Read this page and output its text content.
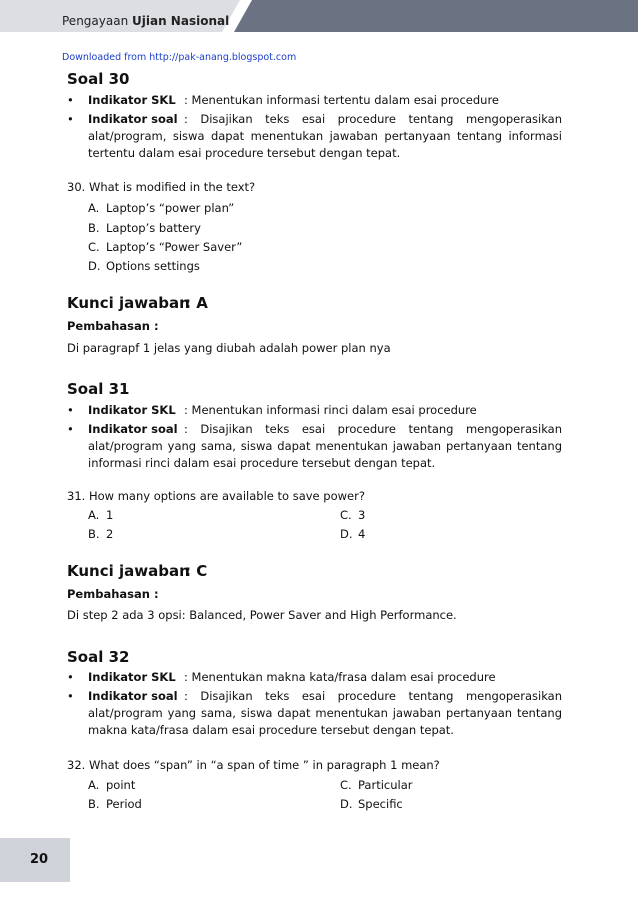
Pengayaan Ujian Nasional
Downloaded from http://pak-anang.blogspot.com
Soal 30
• Indikator SKL : Menentukan informasi tertentu dalam esai procedure
• Indikator soal : Disajikan teks esai procedure tentang mengoperasikan alat/program, siswa dapat menentukan jawaban pertanyaan tentang informasi tertentu dalam esai procedure tersebut dengan tepat.
30. What is modified in the text?
A. Laptop’s “power plan”
B. Laptop’s battery
C. Laptop’s “Power Saver”
D. Options settings
Kunci jawaban
: A
Pembahasan :
Di paragrapf 1 jelas yang diubah adalah power plan nya
Soal 31
• Indikator SKL : Menentukan informasi rinci dalam esai procedure
• Indikator soal : Disajikan teks esai procedure tentang mengoperasikan alat/program yang sama, siswa dapat menentukan jawaban pertanyaan tentang informasi rinci dalam esai procedure tersebut dengan tepat.
31. How many options are available to save power?
A. 1
B. 2
C. 3
D. 4
Kunci jawaban
: C
Pembahasan :
Di step 2 ada 3 opsi: Balanced, Power Saver and High Performance.
Soal 32
• Indikator SKL : Menentukan makna kata/frasa dalam esai procedure
• Indikator soal : Disajikan teks esai procedure tentang mengoperasikan alat/program yang sama, siswa dapat menentukan jawaban pertanyaan tentang makna kata/frasa dalam esai procedure tersebut dengan tepat.
32. What does “span” in “a span of time ” in paragraph 1 mean?
A. point
B. Period
C. Particular
D. Specific
20
